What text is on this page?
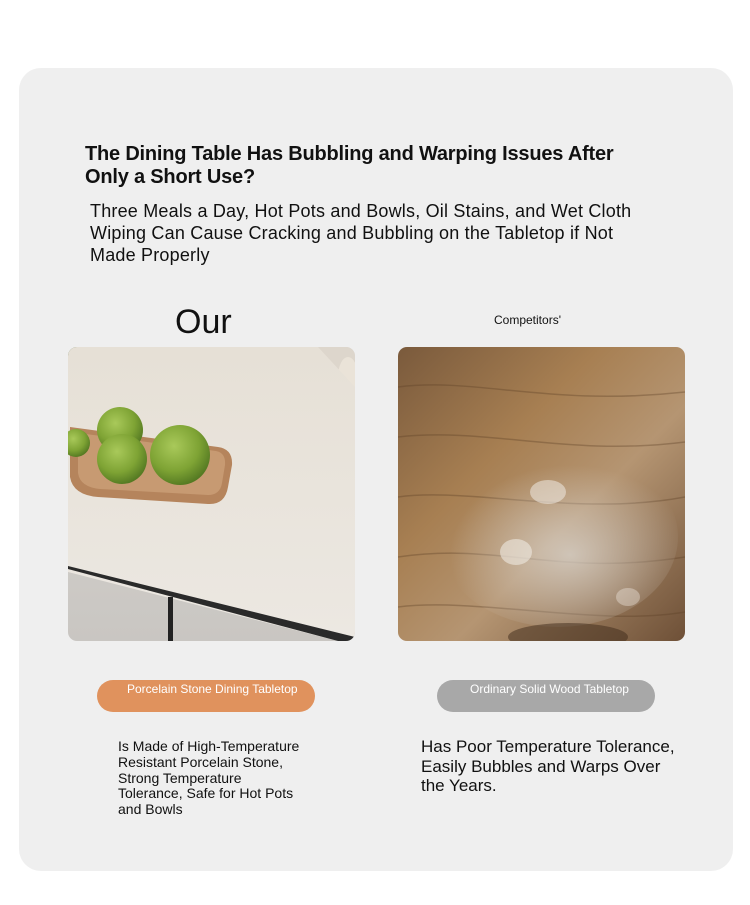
The Dining Table Has Bubbling and Warping Issues After Only a Short Use?

Three Meals a Day, Hot Pots and Bowls, Oil Stains, and Wet Cloth Wiping Can Cause Cracking and Bubbling on the Tabletop if Not Made Properly

Our	Competitors'
Porcelain Stone Dining Tabletop	Ordinary Solid Wood Tabletop

Is Made of High-Temperature Resistant Porcelain Stone, Strong Temperature Tolerance, Safe for Hot Pots and Bowls

Has Poor Temperature Tolerance, Easily Bubbles and Warps Over the Years.
